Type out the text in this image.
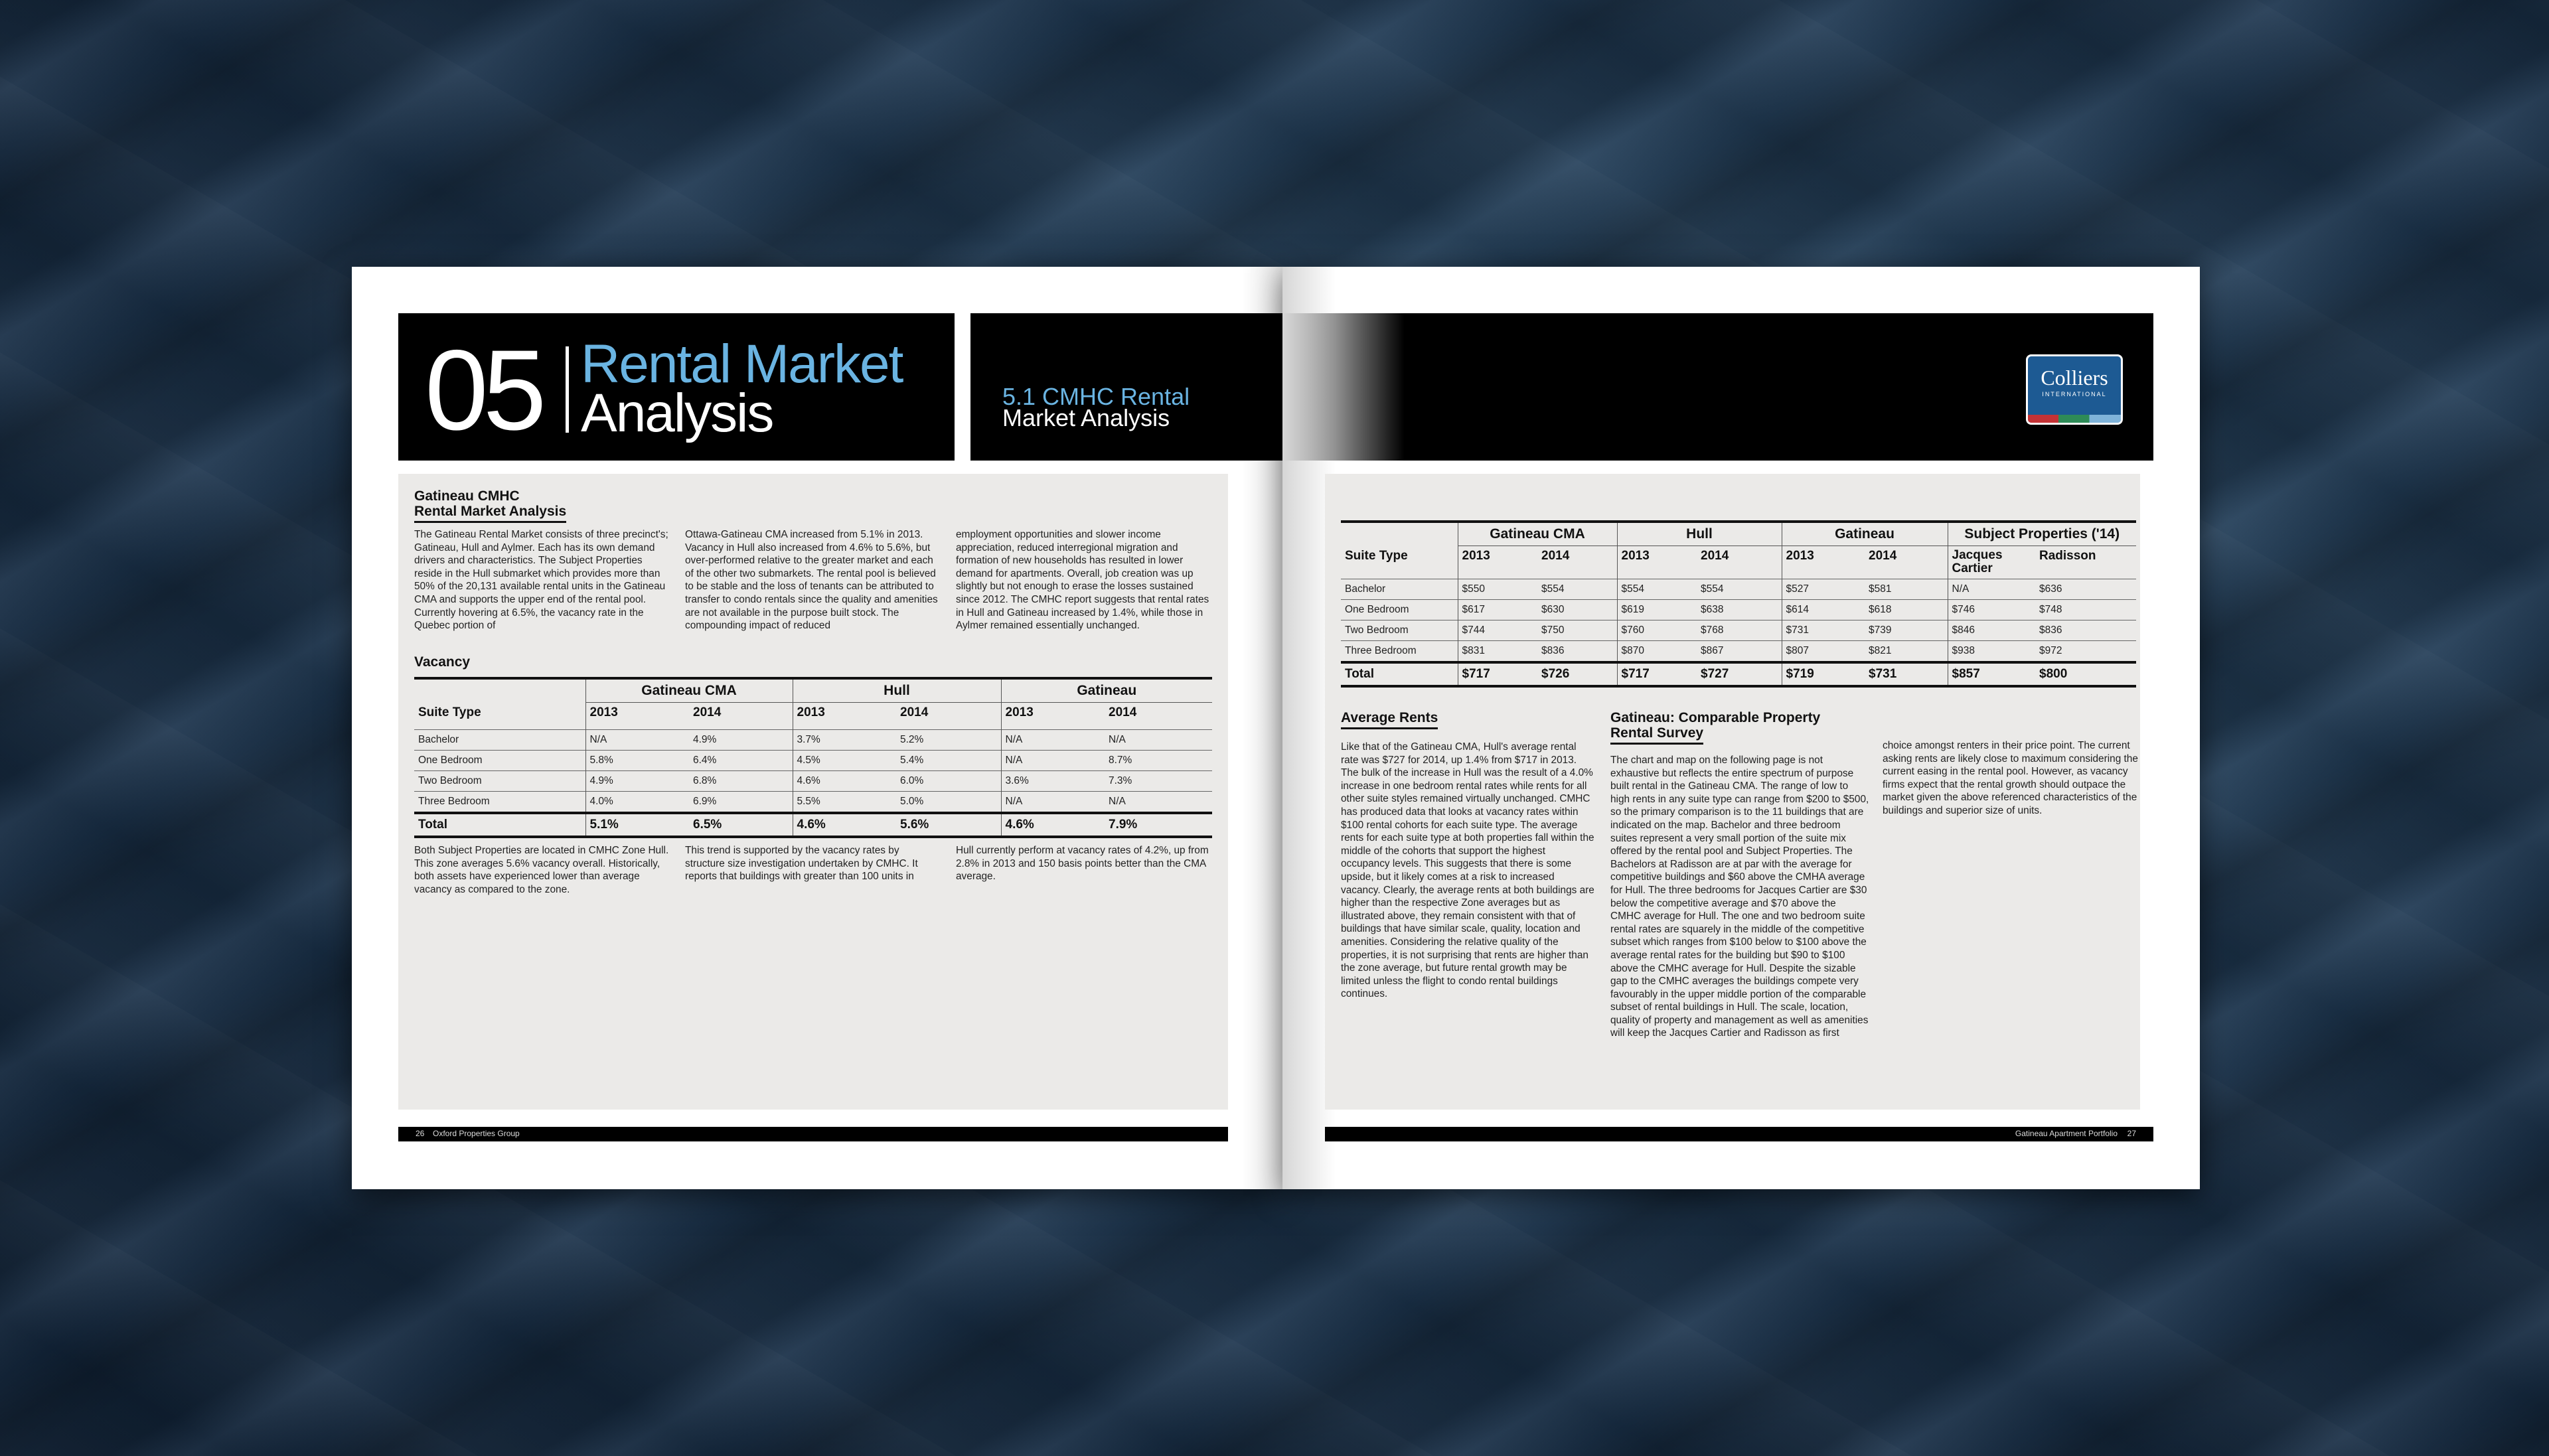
05 Rental Market
Analysis	5.1 CMHC Rental
Market Analysis
Gatineau CMHC
Rental Market Analysis
The Gatineau Rental Market consists of three precinct's; Gatineau, Hull and Aylmer. Each has its own demand drivers and characteristics. The Subject Properties reside in the Hull submarket which provides more than 50% of the 20,131 available rental units in the Gatineau CMA and supports the upper end of the rental pool. Currently hovering at 6.5%, the vacancy rate in the Quebec portion of
Ottawa-Gatineau CMA increased from 5.1% in 2013. Vacancy in Hull also increased from 4.6% to 5.6%, but over-performed relative to the greater market and each of the other two submarkets. The rental pool is believed to be stable and the loss of tenants can be attributed to transfer to condo rentals since the quality and amenities are not available in the purpose built stock. The compounding impact of reduced
employment opportunities and slower income appreciation, reduced interregional migration and formation of new households has resulted in lower demand for apartments. Overall, job creation was up slightly but not enough to erase the losses sustained since 2012. The CMHC report suggests that rental rates in Hull and Gatineau increased by 1.4%, while those in Aylmer remained essentially unchanged.
Vacancy
	Gatineau CMA		Hull		Gatineau	
Suite Type	2013	2014	2013	2014	2013	2014
Bachelor	N/A	4.9%	3.7%	5.2%	N/A	N/A
One Bedroom	5.8%	6.4%	4.5%	5.4%	N/A	8.7%
Two Bedroom	4.9%	6.8%	4.6%	6.0%	3.6%	7.3%
Three Bedroom	4.0%	6.9%	5.5%	5.0%	N/A	N/A
Total	5.1%	6.5%	4.6%	5.6%	4.6%	7.9%
Both Subject Properties are located in CMHC Zone Hull. This zone averages 5.6% vacancy overall. Historically, both assets have experienced lower than average vacancy as compared to the zone.
This trend is supported by the vacancy rates by structure size investigation undertaken by CMHC. It reports that buildings with greater than 100 units in
Hull currently perform at vacancy rates of 4.2%, up from 2.8% in 2013 and 150 basis points better than the CMA average.
26 Oxford Properties Group
Colliers
INTERNATIONAL
	Gatineau CMA		Hull		Gatineau		Subject Properties ('14)	
Suite Type	2013	2014	2013	2014	2013	2014	Jacques Cartier	Radisson
Bachelor	$550	$554	$554	$554	$527	$581	N/A	$636
One Bedroom	$617	$630	$619	$638	$614	$618	$746	$748
Two Bedroom	$744	$750	$760	$768	$731	$739	$846	$836
Three Bedroom	$831	$836	$870	$867	$807	$821	$938	$972
Total	$717	$726	$717	$727	$719	$731	$857	$800
Average Rents
Like that of the Gatineau CMA, Hull's average rental rate was $727 for 2014, up 1.4% from $717 in 2013. The bulk of the increase in Hull was the result of a 4.0% increase in one bedroom rental rates while rents for all other suite styles remained virtually unchanged. CMHC has produced data that looks at vacancy rates within $100 rental cohorts for each suite type. The average rents for each suite type at both properties fall within the middle of the cohorts that support the highest occupancy levels. This suggests that there is some upside, but it likely comes at a risk to increased vacancy. Clearly, the average rents at both buildings are higher than the respective Zone averages but as illustrated above, they remain consistent with that of buildings that have similar scale, quality, location and amenities. Considering the relative quality of the properties, it is not surprising that rents are higher than the zone average, but future rental growth may be limited unless the flight to condo rental buildings continues.
Gatineau: Comparable Property
Rental Survey
The chart and map on the following page is not exhaustive but reflects the entire spectrum of purpose built rental in the Gatineau CMA. The range of low to high rents in any suite type can range from $200 to $500, so the primary comparison is to the 11 buildings that are indicated on the map. Bachelor and three bedroom suites represent a very small portion of the suite mix offered by the rental pool and Subject Properties. The Bachelors at Radisson are at par with the average for competitive buildings and $60 above the CMHA average for Hull. The three bedrooms for Jacques Cartier are $30 below the competitive average and $70 above the CMHC average for Hull. The one and two bedroom suite rental rates are squarely in the middle of the competitive subset which ranges from $100 below to $100 above the average rental rates for the building but $90 to $100 above the CMHC average for Hull. Despite the sizable gap to the CMHC averages the buildings compete very favourably in the upper middle portion of the comparable subset of rental buildings in Hull. The scale, location, quality of property and management as well as amenities will keep the Jacques Cartier and Radisson as first
choice amongst renters in their price point. The current asking rents are likely close to maximum considering the current easing in the rental pool. However, as vacancy firms expect that the rental growth should outpace the market given the above referenced characteristics of the buildings and superior size of units.
Gatineau Apartment Portfolio 27
